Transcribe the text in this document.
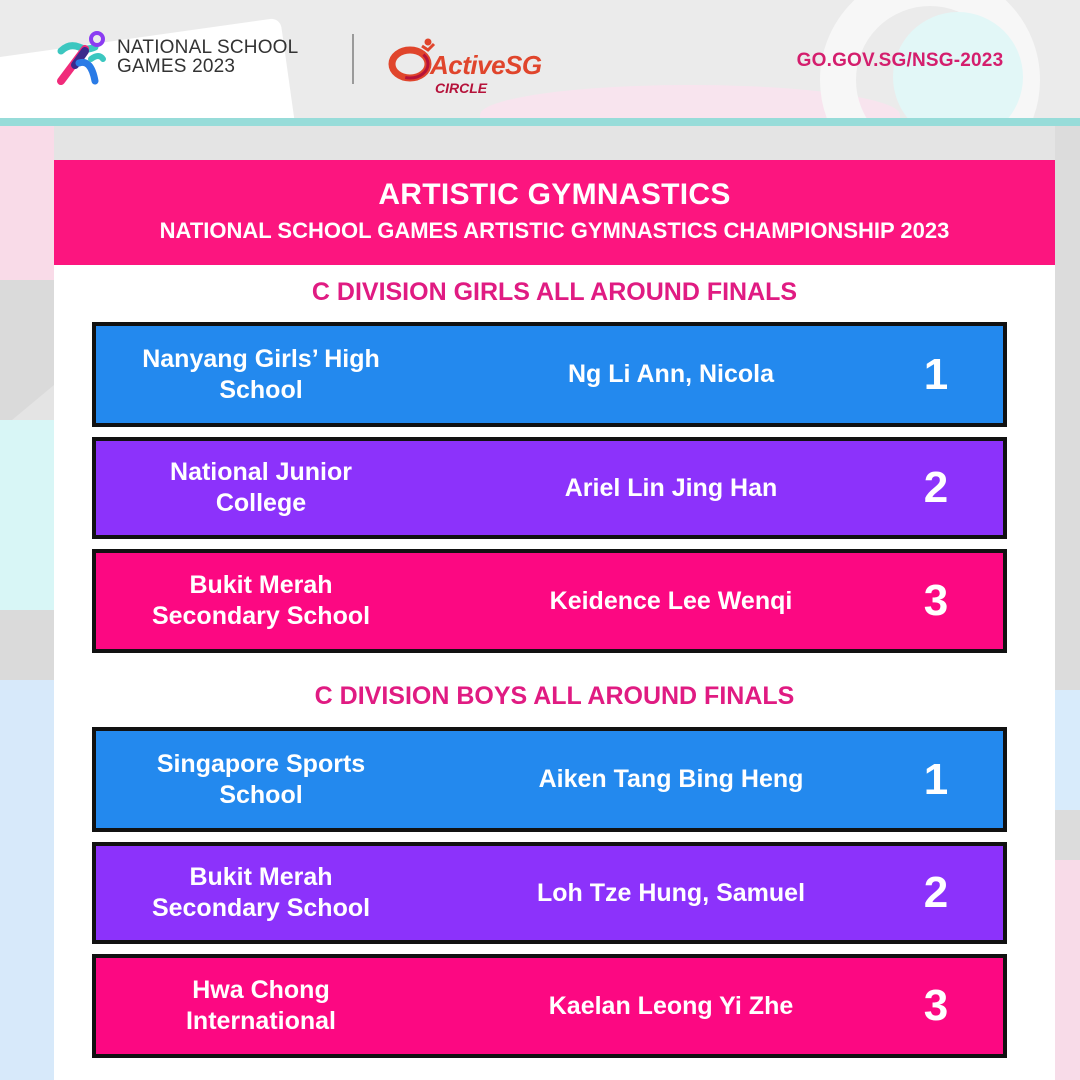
NATIONAL SCHOOL
GAMES 2023	ActiveSG
CIRCLE
GO.GOV.SG/NSG-2023
ARTISTIC GYMNASTICS
NATIONAL SCHOOL GAMES ARTISTIC GYMNASTICS CHAMPIONSHIP 2023
C DIVISION GIRLS ALL AROUND FINALS
Nanyang Girls’ High
School
Ng Li Ann, Nicola	1
National Junior
College
Ariel Lin Jing Han	2
Bukit Merah
Secondary School
Keidence Lee Wenqi	3
C DIVISION BOYS ALL AROUND FINALS
Singapore Sports
School
Aiken Tang Bing Heng	1
Bukit Merah
Secondary School
Loh Tze Hung, Samuel	2
Hwa Chong
International
Kaelan Leong Yi Zhe	3
